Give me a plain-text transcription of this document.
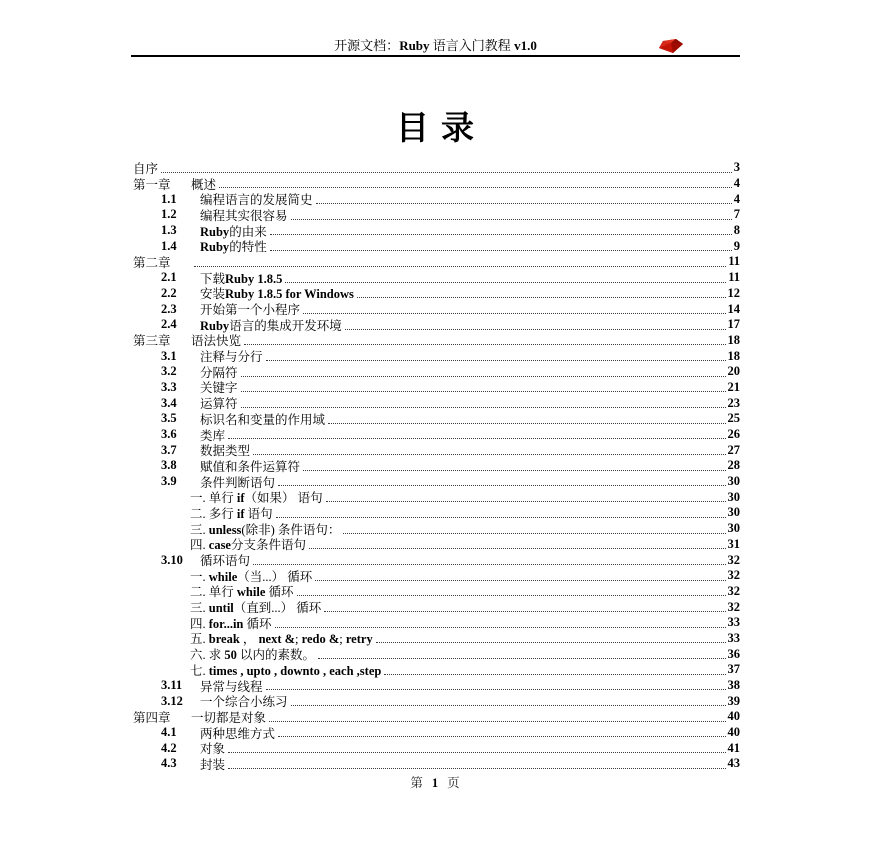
开源文档：Ruby 语言入门教程 v1.0
目录
自序	3
第一章	概述	4
1.1	编程语言的发展简史	4
1.2	编程其实很容易	7
1.3	Ruby的由来	8
1.4	Ruby的特性	9
第二章	11
2.1	下载Ruby 1.8.5	11
2.2	安装Ruby 1.8.5 for Windows	12
2.3	开始第一个小程序	14
2.4	Ruby语言的集成开发环境	17
第三章	语法快览	18
3.1	注释与分行	18
3.2	分隔符	20
3.3	关键字	21
3.4	运算符	23
3.5	标识名和变量的作用域	25
3.6	类库	26
3.7	数据类型	27
3.8	赋值和条件运算符	28
3.9	条件判断语句	30
一. 单行 if（如果） 语句	30
二. 多行 if 语句	30
三. unless(除非) 条件语句：	30
四. case分支条件语句	31
3.10	循环语句	32
一. while（当...） 循环	32
二. 单行 while 循环	32
三. until（直到...） 循环	32
四. for...in 循环	33
五. break ， next &; redo &; retry	33
六. 求 50 以内的素数。	36
七. times , upto , downto , each ,step	37
3.11	异常与线程	38
3.12	一个综合小练习	39
第四章	一切都是对象	40
4.1	两种思维方式	40
4.2	对象	41
4.3	封装	43
第 1 页
